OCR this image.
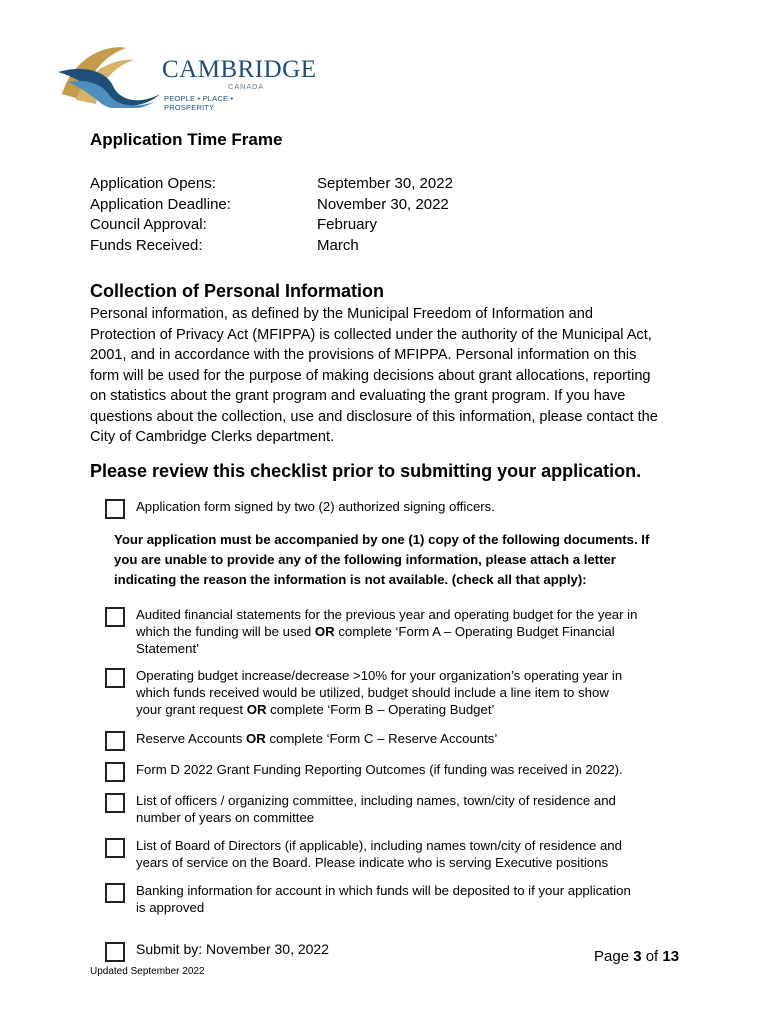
CAMBRIDGE
CANADA
PEOPLE • PLACE • PROSPERITY
Application Time Frame
Application Opens:
Application Deadline:
Council Approval:
Funds Received:
September 30, 2022
November 30, 2022
February
March
Collection of Personal Information
Personal information, as defined by the Municipal Freedom of Information and
Protection of Privacy Act (MFIPPA) is collected under the authority of the Municipal Act,
2001, and in accordance with the provisions of MFIPPA. Personal information on this
form will be used for the purpose of making decisions about grant allocations, reporting
on statistics about the grant program and evaluating the grant program. If you have
questions about the collection, use and disclosure of this information, please contact the
City of Cambridge Clerks department.
Please review this checklist prior to submitting your application.
Application form signed by two (2) authorized signing officers.
Your application must be accompanied by one (1) copy of the following documents. If
you are unable to provide any of the following information, please attach a letter
indicating the reason the information is not available. (check all that apply):
Audited financial statements for the previous year and operating budget for the year in
which the funding will be used OR complete ‘Form A – Operating Budget Financial
Statement’
Operating budget increase/decrease >10% for your organization’s operating year in
which funds received would be utilized, budget should include a line item to show
your grant request OR complete ‘Form B – Operating Budget’
Reserve Accounts OR complete ‘Form C – Reserve Accounts’
Form D 2022 Grant Funding Reporting Outcomes (if funding was received in 2022).
List of officers / organizing committee, including names, town/city of residence and
number of years on committee
List of Board of Directors (if applicable), including names town/city of residence and
years of service on the Board. Please indicate who is serving Executive positions
Banking information for account in which funds will be deposited to if your application
is approved
Submit by: November 30, 2022
Updated September 2022
Page 3 of 13
